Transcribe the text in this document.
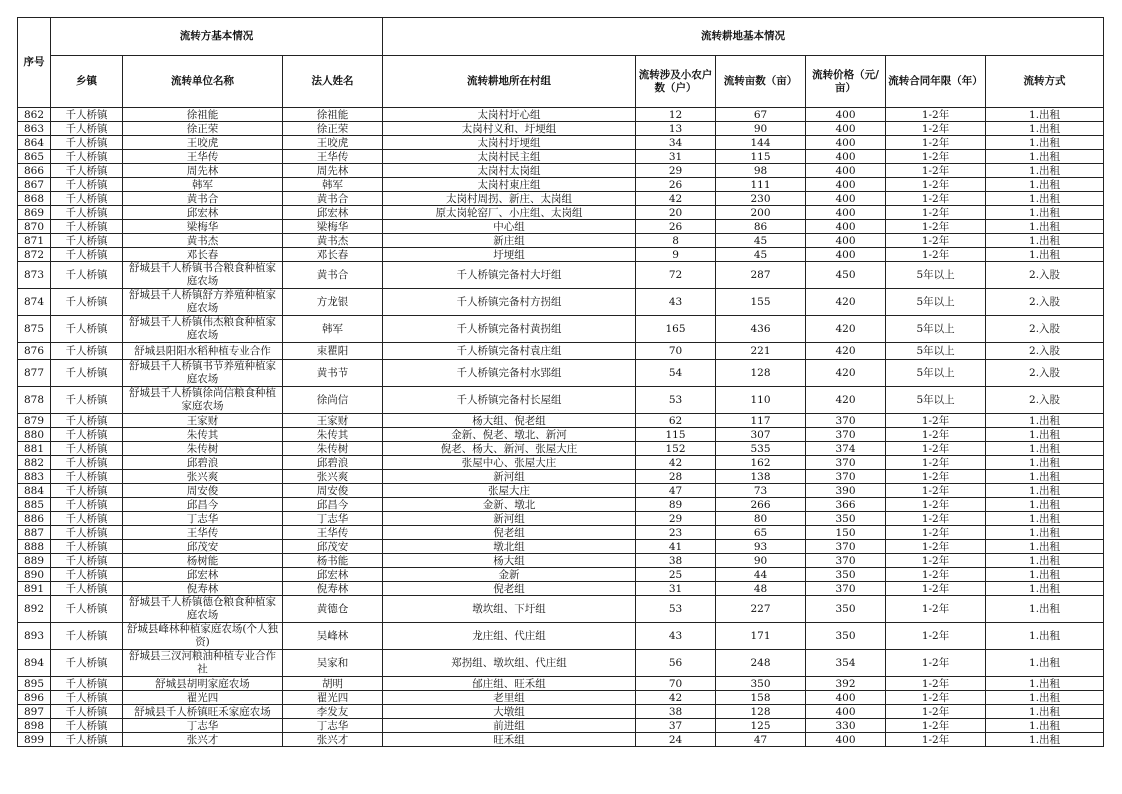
序号	流转方基本情况			流转耕地基本情况					
	乡镇	流转单位名称	法人姓名	流转耕地所在村组	流转涉及小农户数（户）	流转亩数（亩）	流转价格（元/亩）	流转合同年限（年）	流转方式
862	千人桥镇	徐祖能	徐祖能	太岗村圩心组	12	67	400	1-2年	1.出租
863	千人桥镇	徐正荣	徐正荣	太岗村义和、圩埂组	13	90	400	1-2年	1.出租
864	千人桥镇	王咬虎	王咬虎	太岗村圩埂组	34	144	400	1-2年	1.出租
865	千人桥镇	王华传	王华传	太岗村民主组	31	115	400	1-2年	1.出租
866	千人桥镇	周先林	周先林	太岗村太岗组	29	98	400	1-2年	1.出租
867	千人桥镇	韩军	韩军	太岗村東庄组	26	111	400	1-2年	1.出租
868	千人桥镇	黄书合	黄书合	太岗村周拐、新庄、太岗组	42	230	400	1-2年	1.出租
869	千人桥镇	邱宏林	邱宏林	原太岗轮窑厂、小庄组、太岗组	20	200	400	1-2年	1.出租
870	千人桥镇	梁梅华	梁梅华	中心组	26	86	400	1-2年	1.出租
871	千人桥镇	黄书杰	黄书杰	新庄组	8	45	400	1-2年	1.出租
872	千人桥镇	邓长春	邓长春	圩埂组	9	45	400	1-2年	1.出租
873	千人桥镇	舒城县千人桥镇书合粮食种植家庭农场	黄书合	千人桥镇完备村大圩组	72	287	450	5年以上	2.入股
874	千人桥镇	舒城县千人桥镇舒方养殖种植家庭农场	方龙银	千人桥镇完备村方拐组	43	155	420	5年以上	2.入股
875	千人桥镇	舒城县千人桥镇伟杰粮食种植家庭农场	韩军	千人桥镇完备村黄拐组	165	436	420	5年以上	2.入股
876	千人桥镇	舒城县阳阳水稻种植专业合作	束瞿阳	千人桥镇完备村袁庄组	70	221	420	5年以上	2.入股
877	千人桥镇	舒城县千人桥镇书节养殖种植家庭农场	黄书节	千人桥镇完备村水郢组	54	128	420	5年以上	2.入股
878	千人桥镇	舒城县千人桥镇徐尚信粮食种植家庭农场	徐尚信	千人桥镇完备村长屋组	53	110	420	5年以上	2.入股
879	千人桥镇	王家财	王家财	杨大组、倪老组	62	117	370	1-2年	1.出租
880	千人桥镇	朱传其	朱传其	金新、倪老、墩北、新河	115	307	370	1-2年	1.出租
881	千人桥镇	朱传树	朱传树	倪老、杨大、新河、张屋大庄	152	535	374	1-2年	1.出租
882	千人桥镇	邱碧浪	邱碧浪	张屋中心、张屋大庄	42	162	370	1-2年	1.出租
883	千人桥镇	张兴爽	张兴爽	新河组	28	138	370	1-2年	1.出租
884	千人桥镇	周安俊	周安俊	张屋大庄	47	73	390	1-2年	1.出租
885	千人桥镇	邱昌今	邱昌今	金新、墩北	89	266	366	1-2年	1.出租
886	千人桥镇	丁志华	丁志华	新河组	29	80	350	1-2年	1.出租
887	千人桥镇	王华传	王华传	倪老组	23	65	150	1-2年	1.出租
888	千人桥镇	邱茂安	邱茂安	墩北组	41	93	370	1-2年	1.出租
889	千人桥镇	杨树能	杨书能	杨大组	38	90	370	1-2年	1.出租
890	千人桥镇	邱宏林	邱宏林	金新	25	44	350	1-2年	1.出租
891	千人桥镇	倪寿林	倪寿林	倪老组	31	48	370	1-2年	1.出租
892	千人桥镇	舒城县千人桥镇德仓粮食种植家庭农场	黄德仓	墩坎组、下圩组	53	227	350	1-2年	1.出租
893	千人桥镇	舒城县峰林种植家庭农场(个人独资)	吴峰林	龙庄组、代庄组	43	171	350	1-2年	1.出租
894	千人桥镇	舒城县三汊河粮油种植专业合作社	吴家和	郑拐组、墩坎组、代庄组	56	248	354	1-2年	1.出租
895	千人桥镇	舒城县胡明家庭农场	胡明	邰庄组、旺禾组	70	350	392	1-2年	1.出租
896	千人桥镇	翟光四	翟光四	老里组	42	158	400	1-2年	1.出租
897	千人桥镇	舒城县千人桥镇旺禾家庭农场	李发友	大墩组	38	128	400	1-2年	1.出租
898	千人桥镇	丁志华	丁志华	前进组	37	125	330	1-2年	1.出租
899	千人桥镇	张兴才	张兴才	旺禾组	24	47	400	1-2年	1.出租
